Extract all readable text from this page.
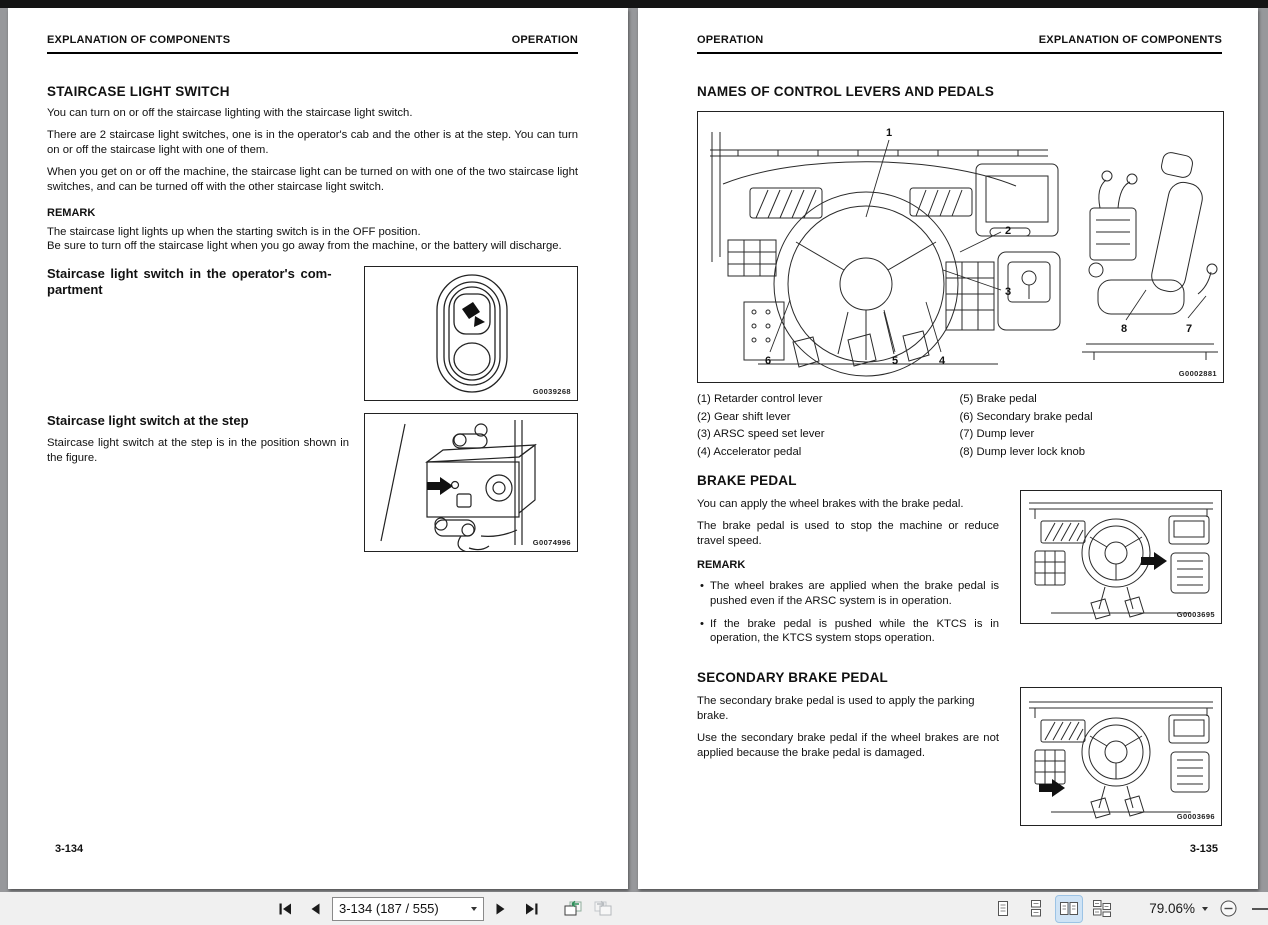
EXPLANATION OF COMPONENTS	OPERATION
STAIRCASE LIGHT SWITCH

You can turn on or off the staircase lighting with the staircase light switch.

There are 2 staircase light switches, one is in the operator's cab and the other is at the step. You can turn on or off the staircase light with one of them.

When you get on or off the machine, the staircase light can be turned on with one of the two staircase light switches, and can be turned off with the other staircase light switch.

REMARK
The staircase light lights up when the starting switch is in the OFF position.
Be sure to turn off the staircase light when you go away from the machine, or the battery will discharge.
Staircase light switch in the operator's com-
partment
G0039268
Staircase light switch at the step

Staircase light switch at the step is in the position shown in the figure.

G0074996
3-134
OPERATION	EXPLANATION OF COMPONENTS
NAMES OF CONTROL LEVERS AND PEDALS
1
2
3
4
5
6
7
8
G0002881
(1) Retarder control lever	(5) Brake pedal
(2) Gear shift lever	(6) Secondary brake pedal
(3) ARSC speed set lever	(7) Dump lever
(4) Accelerator pedal	(8) Dump lever lock knob
BRAKE PEDAL

You can apply the wheel brakes with the brake pedal.

The brake pedal is used to stop the machine or reduce travel speed.

REMARK
• The wheel brakes are applied when the brake pedal is pushed even if the ARSC system is in operation.
• If the brake pedal is pushed while the KTCS is in operation, the KTCS system stops operation.
G0003695
SECONDARY BRAKE PEDAL

The secondary brake pedal is used to apply the parking brake.

Use the secondary brake pedal if the wheel brakes are not applied because the brake pedal is damaged.

G0003696
3-135
3-134 (187 / 555)	79.06%
